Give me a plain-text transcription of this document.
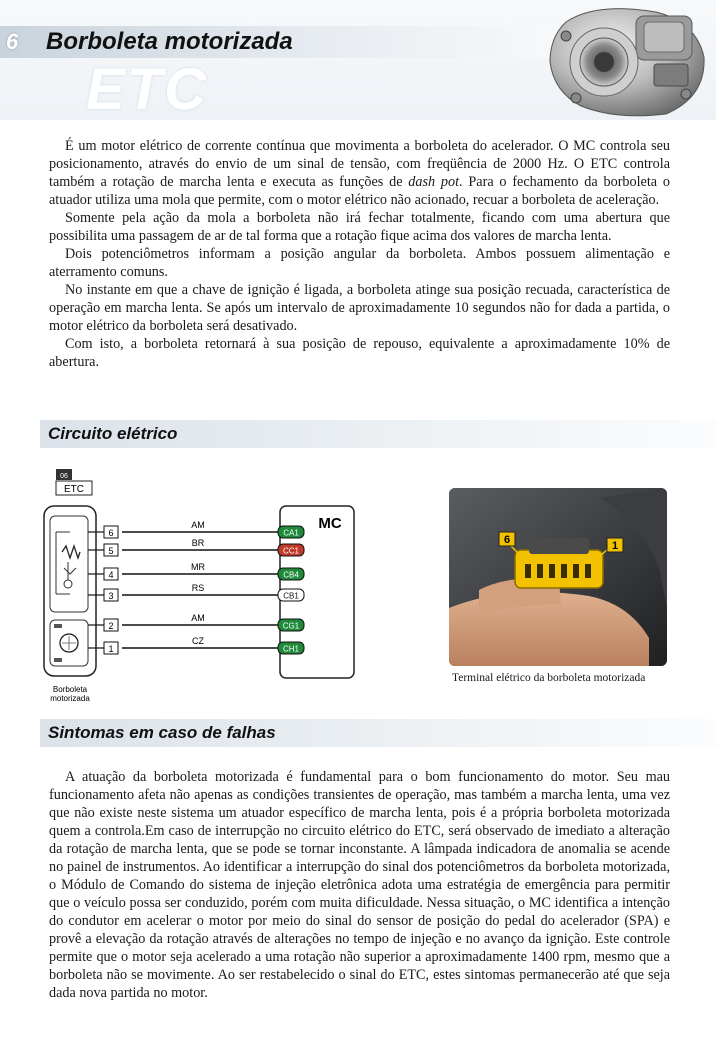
6	Borboleta motorizada
ETC

É um motor elétrico de corrente contínua que movimenta a borboleta do acelerador. O MC controla seu posicionamento, através do envio de um sinal de tensão, com freqüência de 2000 Hz. O ETC controla também a rotação de marcha lenta e executa as funções de dash pot. Para o fechamento da borboleta o atuador utiliza uma mola que permite, com o motor elétrico não acionado, recuar a borboleta de aceleração.

Somente pela ação da mola a borboleta não irá fechar totalmente, ficando com uma abertura que possibilita uma passagem de ar de tal forma que a rotação fique acima dos valores de marcha lenta.

Dois potenciômetros informam a posição angular da borboleta. Ambos possuem alimentação e aterramento comuns.

No instante em que a chave de ignição é ligada, a borboleta atinge sua posição recuada, característica de operação em marcha lenta. Se após um intervalo de aproximadamente 10 segundos não for dada a partida, o motor elétrico da borboleta será desativado.

Com isto, a borboleta retornará à sua posição de repouso, equivalente a aproximadamente 10% de abertura.

Circuito elétrico
06
ETC
MC
6
AM
CA1
5
BR
CC1
4
MR
CB4
3
RS
CB1
2
AM
CG1
1
CZ
CH1
Borboleta
motorizada
6	1
Terminal elétrico da borboleta motorizada
Sintomas em caso de falhas

A atuação da borboleta motorizada é fundamental para o bom funcionamento do motor. Seu mau funcionamento afeta não apenas as condições transientes de operação, mas também a marcha lenta, uma vez que não existe neste sistema um atuador específico de marcha lenta, pois é a própria borboleta motorizada quem a controla.Em caso de interrupção no circuito elétrico do ETC, será observado de imediato a alteração da rotação de marcha lenta, que se pode se tornar inconstante. A lâmpada indicadora de anomalia se acende no painel de instrumentos. Ao identificar a interrupção do sinal dos potenciômetros da borboleta motorizada, o Módulo de Comando do sistema de injeção eletrônica adota uma estratégia de emergência para permitir que o veículo possa ser conduzido, porém com muita dificuldade. Nessa situação, o MC identifica a intenção do condutor em acelerar o motor por meio do sinal do sensor de posição do pedal do acelerador (SPA) e provê a elevação da rotação através de alterações no tempo de injeção e no avanço da ignição. Este controle permite que o motor seja acelerado a uma rotação não superior a aproximadamente 1400 rpm, mesmo que a borboleta não se movimente. Ao ser restabelecido o sinal do ETC, estes sintomas permanecerão até que seja dada nova partida no motor.
